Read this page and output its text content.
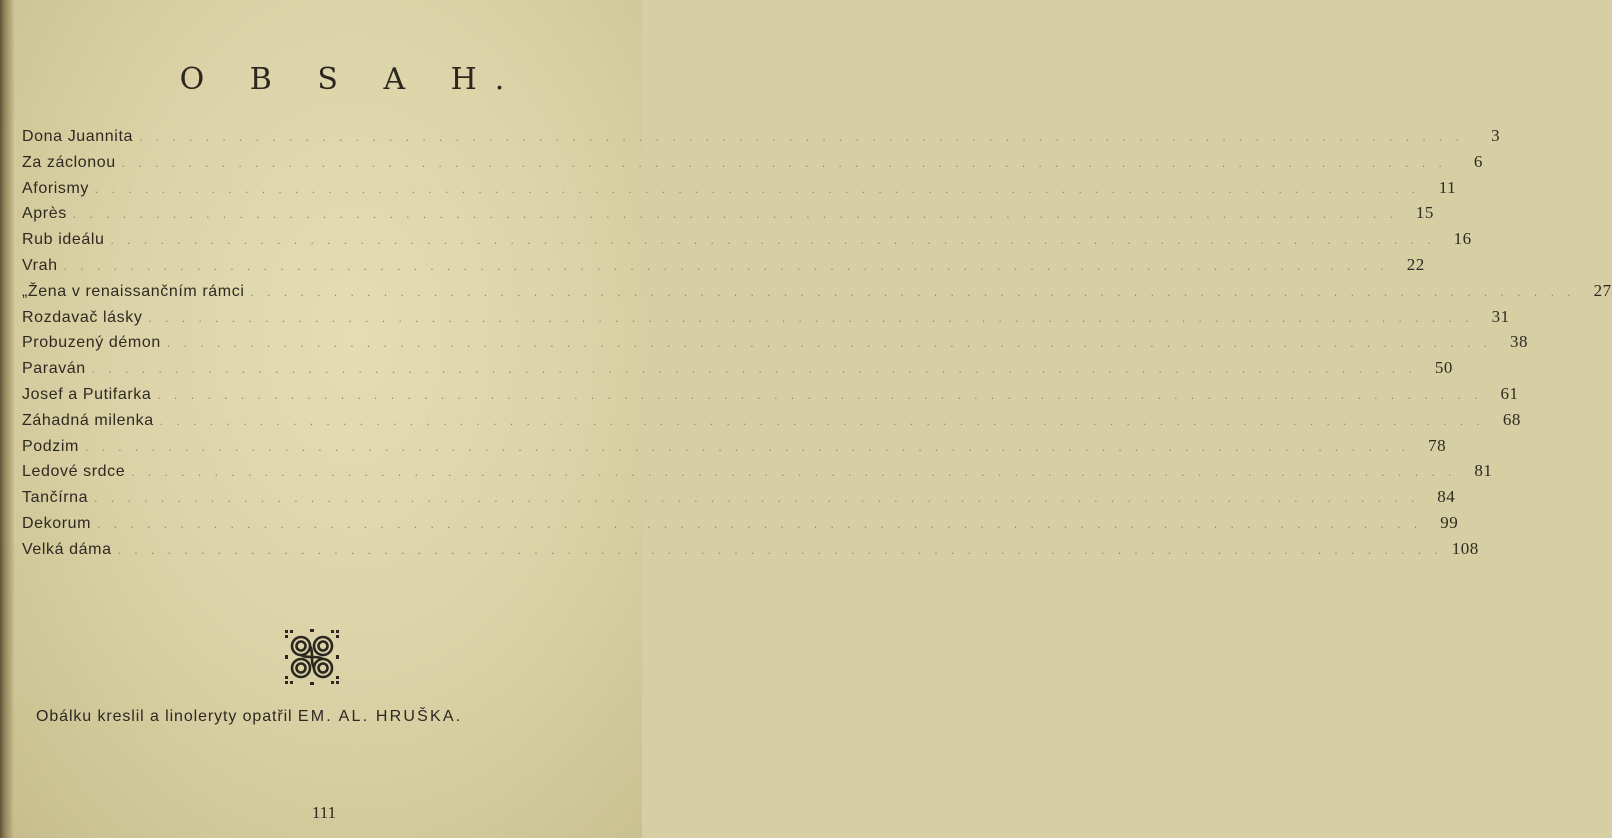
O B S A H.
Dona Juannita . . . . . . . . . . . . . . . . . . . . . . . . . . . . . . . . . . . . . . . . . . . . . . . . . . . . . . . . . . . . . . . . . . . . . . . . . . . . . . . .	3
Za záclonou . . . . . . . . . . . . . . . . . . . . . . . . . . . . . . . . . . . . . . . . . . . . . . . . . . . . . . . . . . . . . . . . . . . . . . . . . . . . . . . .	6
Aforismy . . . . . . . . . . . . . . . . . . . . . . . . . . . . . . . . . . . . . . . . . . . . . . . . . . . . . . . . . . . . . . . . . . . . . . . . . . . . . . . .	11
Après . . . . . . . . . . . . . . . . . . . . . . . . . . . . . . . . . . . . . . . . . . . . . . . . . . . . . . . . . . . . . . . . . . . . . . . . . . . . . . . .	15
Rub ideálu . . . . . . . . . . . . . . . . . . . . . . . . . . . . . . . . . . . . . . . . . . . . . . . . . . . . . . . . . . . . . . . . . . . . . . . . . . . . . . . .	16
Vrah . . . . . . . . . . . . . . . . . . . . . . . . . . . . . . . . . . . . . . . . . . . . . . . . . . . . . . . . . . . . . . . . . . . . . . . . . . . . . . . .	22
„Žena v renaissančním rámci . . . . . . . . . . . . . . . . . . . . . . . . . . . . . . . . . . . . . . . . . . . . . . . . . . . . . . . . . . . . . . . . . . . . . . . . . . . . . . . .	27
Rozdavač lásky . . . . . . . . . . . . . . . . . . . . . . . . . . . . . . . . . . . . . . . . . . . . . . . . . . . . . . . . . . . . . . . . . . . . . . . . . . . . . . . .	31
Probuzený démon . . . . . . . . . . . . . . . . . . . . . . . . . . . . . . . . . . . . . . . . . . . . . . . . . . . . . . . . . . . . . . . . . . . . . . . . . . . . . . . .	38
Paraván . . . . . . . . . . . . . . . . . . . . . . . . . . . . . . . . . . . . . . . . . . . . . . . . . . . . . . . . . . . . . . . . . . . . . . . . . . . . . . . .	50
Josef a Putifarka . . . . . . . . . . . . . . . . . . . . . . . . . . . . . . . . . . . . . . . . . . . . . . . . . . . . . . . . . . . . . . . . . . . . . . . . . . . . . . . .	61
Záhadná milenka . . . . . . . . . . . . . . . . . . . . . . . . . . . . . . . . . . . . . . . . . . . . . . . . . . . . . . . . . . . . . . . . . . . . . . . . . . . . . . . .	68
Podzim . . . . . . . . . . . . . . . . . . . . . . . . . . . . . . . . . . . . . . . . . . . . . . . . . . . . . . . . . . . . . . . . . . . . . . . . . . . . . . . .	78
Ledové srdce . . . . . . . . . . . . . . . . . . . . . . . . . . . . . . . . . . . . . . . . . . . . . . . . . . . . . . . . . . . . . . . . . . . . . . . . . . . . . . . .	81
Tančírna . . . . . . . . . . . . . . . . . . . . . . . . . . . . . . . . . . . . . . . . . . . . . . . . . . . . . . . . . . . . . . . . . . . . . . . . . . . . . . . .	84
Dekorum . . . . . . . . . . . . . . . . . . . . . . . . . . . . . . . . . . . . . . . . . . . . . . . . . . . . . . . . . . . . . . . . . . . . . . . . . . . . . . . .	99
Velká dáma . . . . . . . . . . . . . . . . . . . . . . . . . . . . . . . . . . . . . . . . . . . . . . . . . . . . . . . . . . . . . . . . . . . . . . . . . . . . . . . . 108
Obálku kreslil a linoleryty opatřil EM. AL. HRUŠKA.
111
